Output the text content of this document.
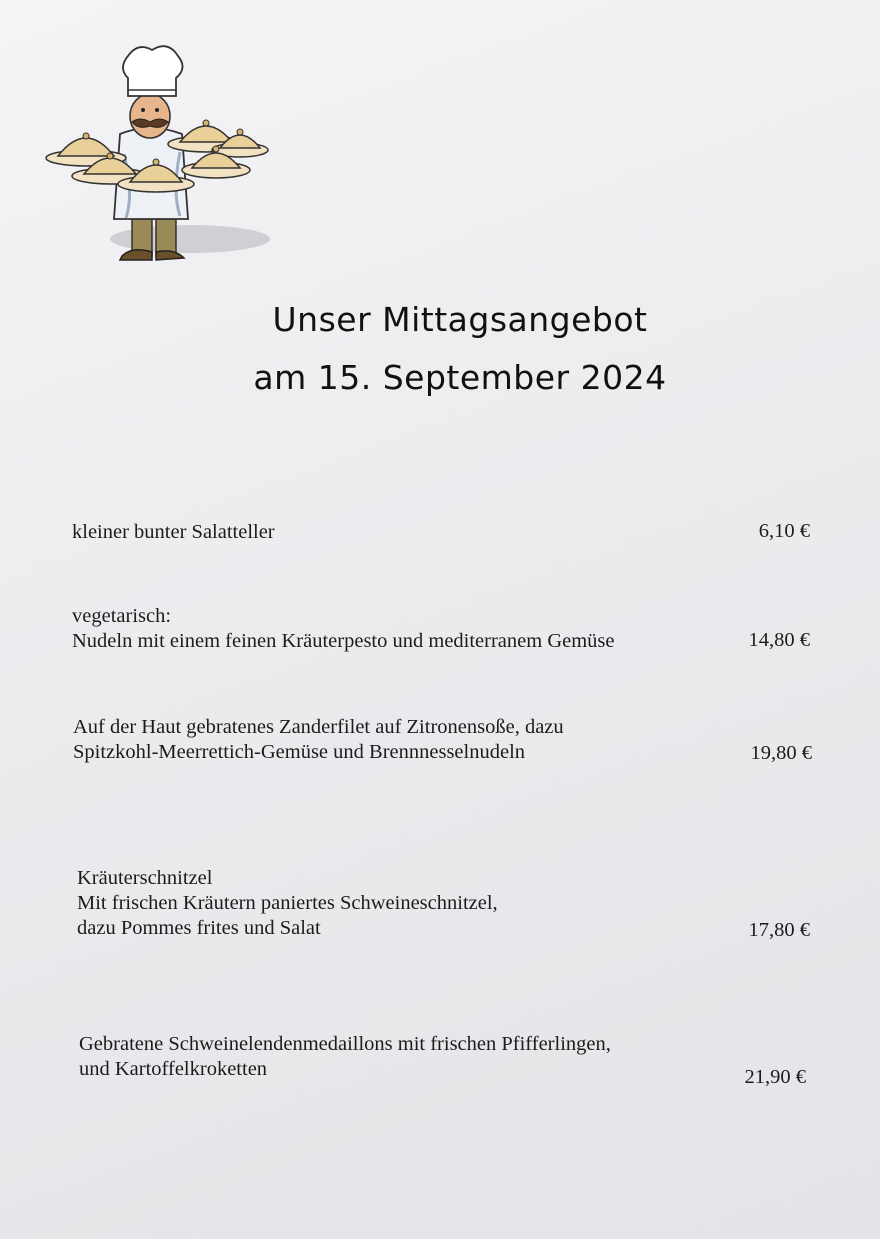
Unser Mittagsangebot
am 15. September 2024
kleiner bunter Salatteller	6,10 €
vegetarisch:
Nudeln mit einem feinen Kräuterpesto und mediterranem Gemüse	14,80 €
Auf der Haut gebratenes Zanderfilet auf Zitronensoße, dazu
Spitzkohl-Meerrettich-Gemüse und Brennnesselnudeln	19,80 €
Kräuterschnitzel
Mit frischen Kräutern paniertes Schweineschnitzel,
dazu Pommes frites und Salat	17,80 €
Gebratene Schweinelendenmedaillons mit frischen Pfifferlingen,
und Kartoffelkroketten	21,90 €
